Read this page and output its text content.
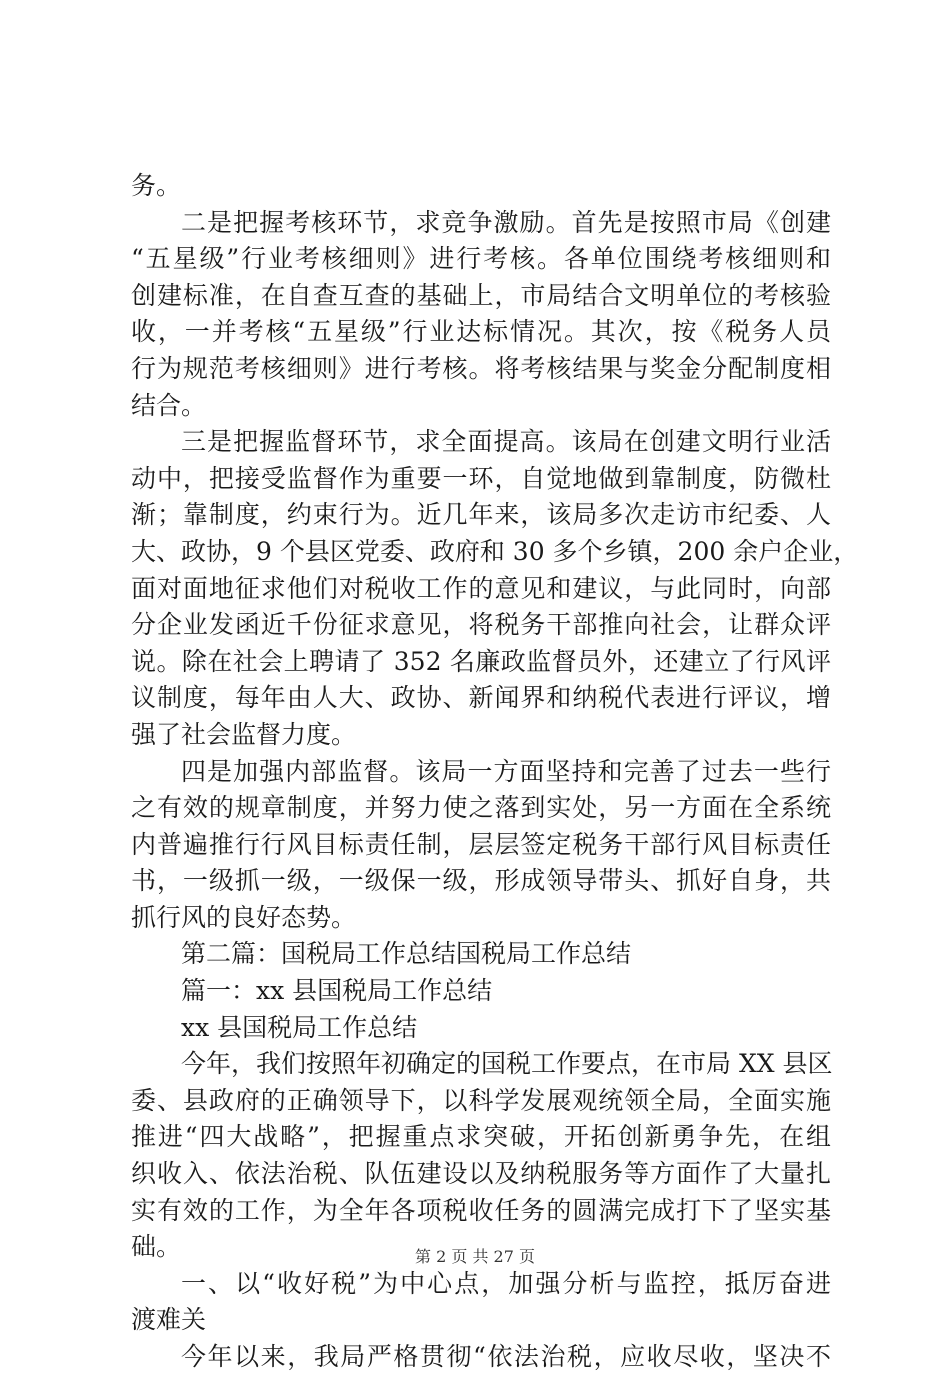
务。
二是把握考核环节，求竞争激励。首先是按照市局《创建
“五星级”行业考核细则》进行考核。各单位围绕考核细则和
创建标准，在自查互查的基础上，市局结合文明单位的考核验
收，一并考核“五星级”行业达标情况。其次，按《税务人员
行为规范考核细则》进行考核。将考核结果与奖金分配制度相
结合。
三是把握监督环节，求全面提高。该局在创建文明行业活
动中，把接受监督作为重要一环，自觉地做到靠制度，防微杜
渐；靠制度，约束行为。近几年来，该局多次走访市纪委、人
大、政协，9 个县区党委、政府和 30 多个乡镇，200 余户企业，
面对面地征求他们对税收工作的意见和建议，与此同时，向部
分企业发函近千份征求意见，将税务干部推向社会，让群众评
说。除在社会上聘请了 352 名廉政监督员外，还建立了行风评
议制度，每年由人大、政协、新闻界和纳税代表进行评议，增
强了社会监督力度。
四是加强内部监督。该局一方面坚持和完善了过去一些行
之有效的规章制度，并努力使之落到实处，另一方面在全系统
内普遍推行行风目标责任制，层层签定税务干部行风目标责任
书，一级抓一级，一级保一级，形成领导带头、抓好自身，共
抓行风的良好态势。
第二篇：国税局工作总结国税局工作总结
篇一：xx 县国税局工作总结
xx 县国税局工作总结
今年，我们按照年初确定的国税工作要点，在市局 XX 县区
委、县政府的正确领导下，以科学发展观统领全局，全面实施
推进“四大战略”，把握重点求突破，开拓创新勇争先，在组
织收入、依法治税、队伍建设以及纳税服务等方面作了大量扎
实有效的工作，为全年各项税收任务的圆满完成打下了坚实基
础。
一、以“收好税”为中心点，加强分析与监控，抵厉奋进
渡难关
今年以来，我局严格贯彻“依法治税，应收尽收，坚决不
第 2 页 共 27 页
